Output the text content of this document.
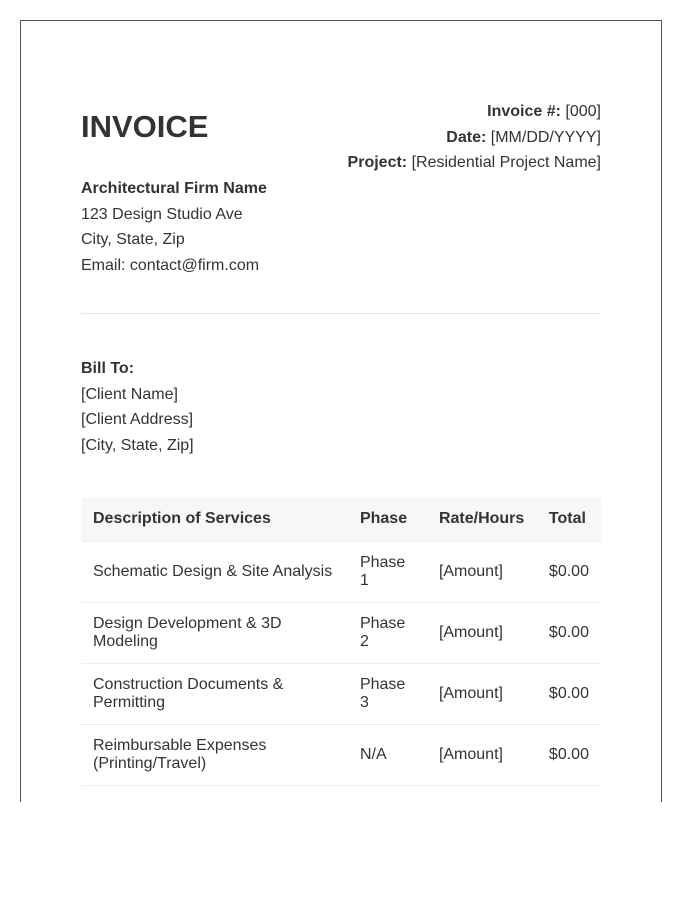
INVOICE	Invoice #: [000]
Date: [MM/DD/YYYY]
Project: [Residential Project Name]
Architectural Firm Name
123 Design Studio Ave
City, State, Zip
Email: contact@firm.com
Bill To:
[Client Name]
[Client Address]
[City, State, Zip]
Description of Services	Phase	Rate/Hours	Total
Schematic Design & Site Analysis	Phase 1	[Amount]	$0.00
Design Development & 3D Modeling	Phase 2	[Amount]	$0.00
Construction Documents & Permitting	Phase 3	[Amount]	$0.00
Reimbursable Expenses (Printing/Travel)	N/A	[Amount]	$0.00
